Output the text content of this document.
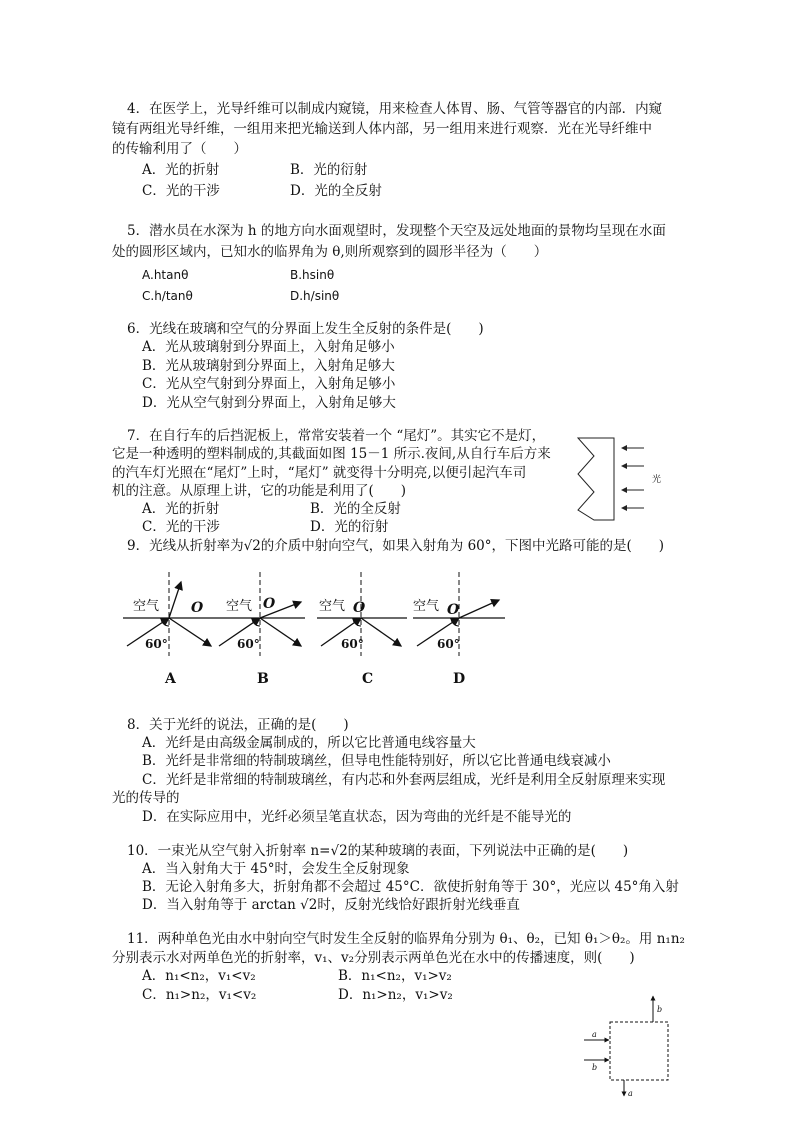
4．在医学上，光导纤维可以制成内窥镜，用来检查人体胃、肠、气管等器官的内部．内窥
镜有两组光导纤维，一组用来把光输送到人体内部，另一组用来进行观察．光在光导纤维中
的传输利用了（　　）
A．光的折射	B．光的衍射
C．光的干涉	D．光的全反射
5．潜水员在水深为 h 的地方向水面观望时，发现整个天空及远处地面的景物均呈现在水面
处的圆形区域内，已知水的临界角为 θ,则所观察到的圆形半径为（　　）
A.htanθ	B.hsinθ
C.h/tanθ	D.h/sinθ
6．光线在玻璃和空气的分界面上发生全反射的条件是(　　)
A．光从玻璃射到分界面上，入射角足够小
B．光从玻璃射到分界面上，入射角足够大
C．光从空气射到分界面上，入射角足够小
D．光从空气射到分界面上，入射角足够大
7．在自行车的后挡泥板上，常常安装着一个 “尾灯”。其实它不是灯，
它是一种透明的塑料制成的,其截面如图 15－1 所示.夜间,从自行车后方来
的汽车灯光照在“尾灯”上时，“尾灯” 就变得十分明亮,以便引起汽车司
机的注意。从原理上讲，它的功能是利用了(　　)
A．光的折射	B．光的全反射
C．光的干涉	D．光的衍射
光
9．光线从折射率为√2的介质中射向空气，如果入射角为 60°，下图中光路可能的是(　　)
空气 O
60°
A
空气 O
60°
B
空气 O
60°
C
空气 O
60°
D
8．关于光纤的说法，正确的是(　　)
A．光纤是由高级金属制成的，所以它比普通电线容量大
B．光纤是非常细的特制玻璃丝，但导电性能特别好，所以它比普通电线衰减小
C．光纤是非常细的特制玻璃丝，有内芯和外套两层组成，光纤是利用全反射原理来实现
光的传导的
D．在实际应用中，光纤必须呈笔直状态，因为弯曲的光纤是不能导光的
10．一束光从空气射入折射率 n=√2的某种玻璃的表面，下列说法中正确的是(　　)
A．当入射角大于 45°时，会发生全反射现象
B．无论入射角多大，折射角都不会超过 45°C．欲使折射角等于 30°，光应以 45°角入射
D．当入射角等于 arctan √2时，反射光线恰好跟折射光线垂直
11．两种单色光由水中射向空气时发生全反射的临界角分别为 θ₁、θ₂，已知 θ₁＞θ₂。用 n₁n₂
分别表示水对两单色光的折射率，v₁、v₂分别表示两单色光在水中的传播速度，则(　　)
A．n₁<n₂，v₁<v₂	B．n₁<n₂，v₁>v₂
C．n₁>n₂，v₁<v₂	D．n₁>n₂，v₁>v₂
a
b
b
a
